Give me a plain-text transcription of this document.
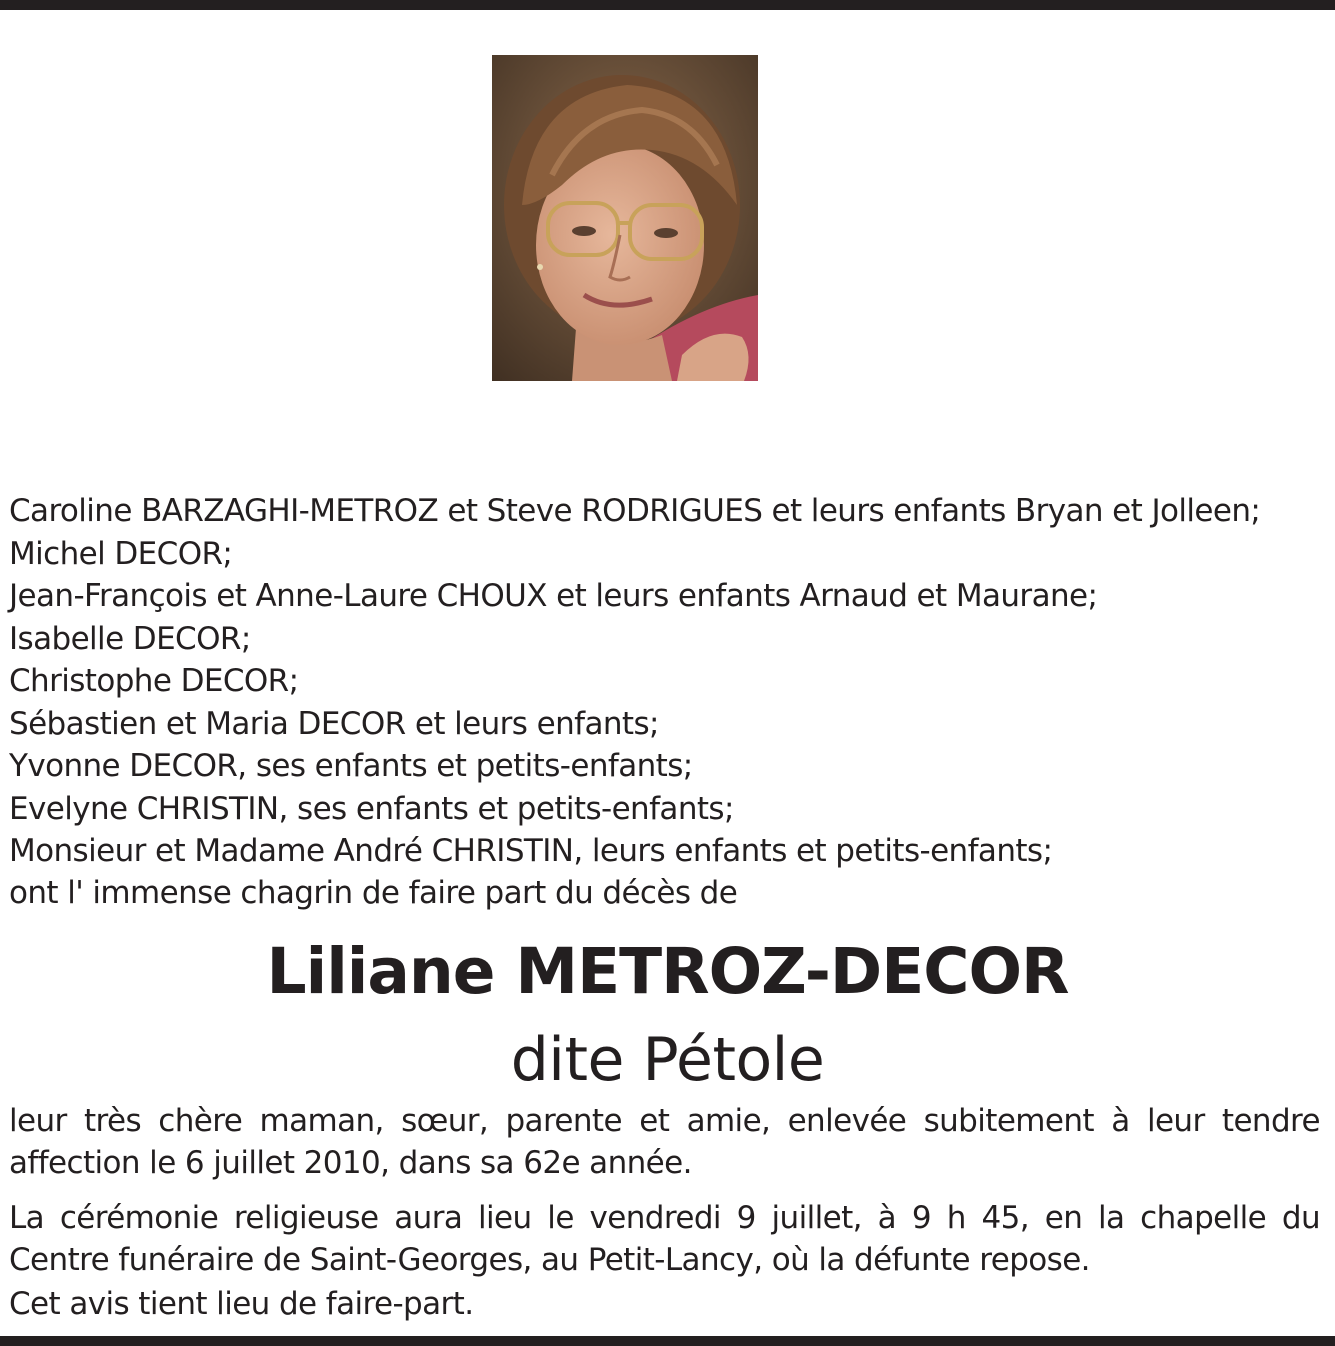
Caroline BARZAGHI-METROZ et Steve RODRIGUES et leurs enfants Bryan et Jolleen;
Michel DECOR;
Jean-François et Anne-Laure CHOUX et leurs enfants Arnaud et Maurane;
Isabelle DECOR;
Christophe DECOR;
Sébastien et Maria DECOR et leurs enfants;
Yvonne DECOR, ses enfants et petits-enfants;
Evelyne CHRISTIN, ses enfants et petits-enfants;
Monsieur et Madame André CHRISTIN, leurs enfants et petits-enfants;
ont l' immense chagrin de faire part du décès de
Liliane METROZ-DECOR
dite Pétole
leur très chère maman, sœur, parente et amie, enlevée subitement à leur tendre affection le 6 juillet 2010, dans sa 62e année.
La cérémonie religieuse aura lieu le vendredi 9 juillet, à 9 h 45, en la chapelle du Centre funéraire de Saint-Georges, au Petit-Lancy, où la défunte repose.
Cet avis tient lieu de faire-part.
